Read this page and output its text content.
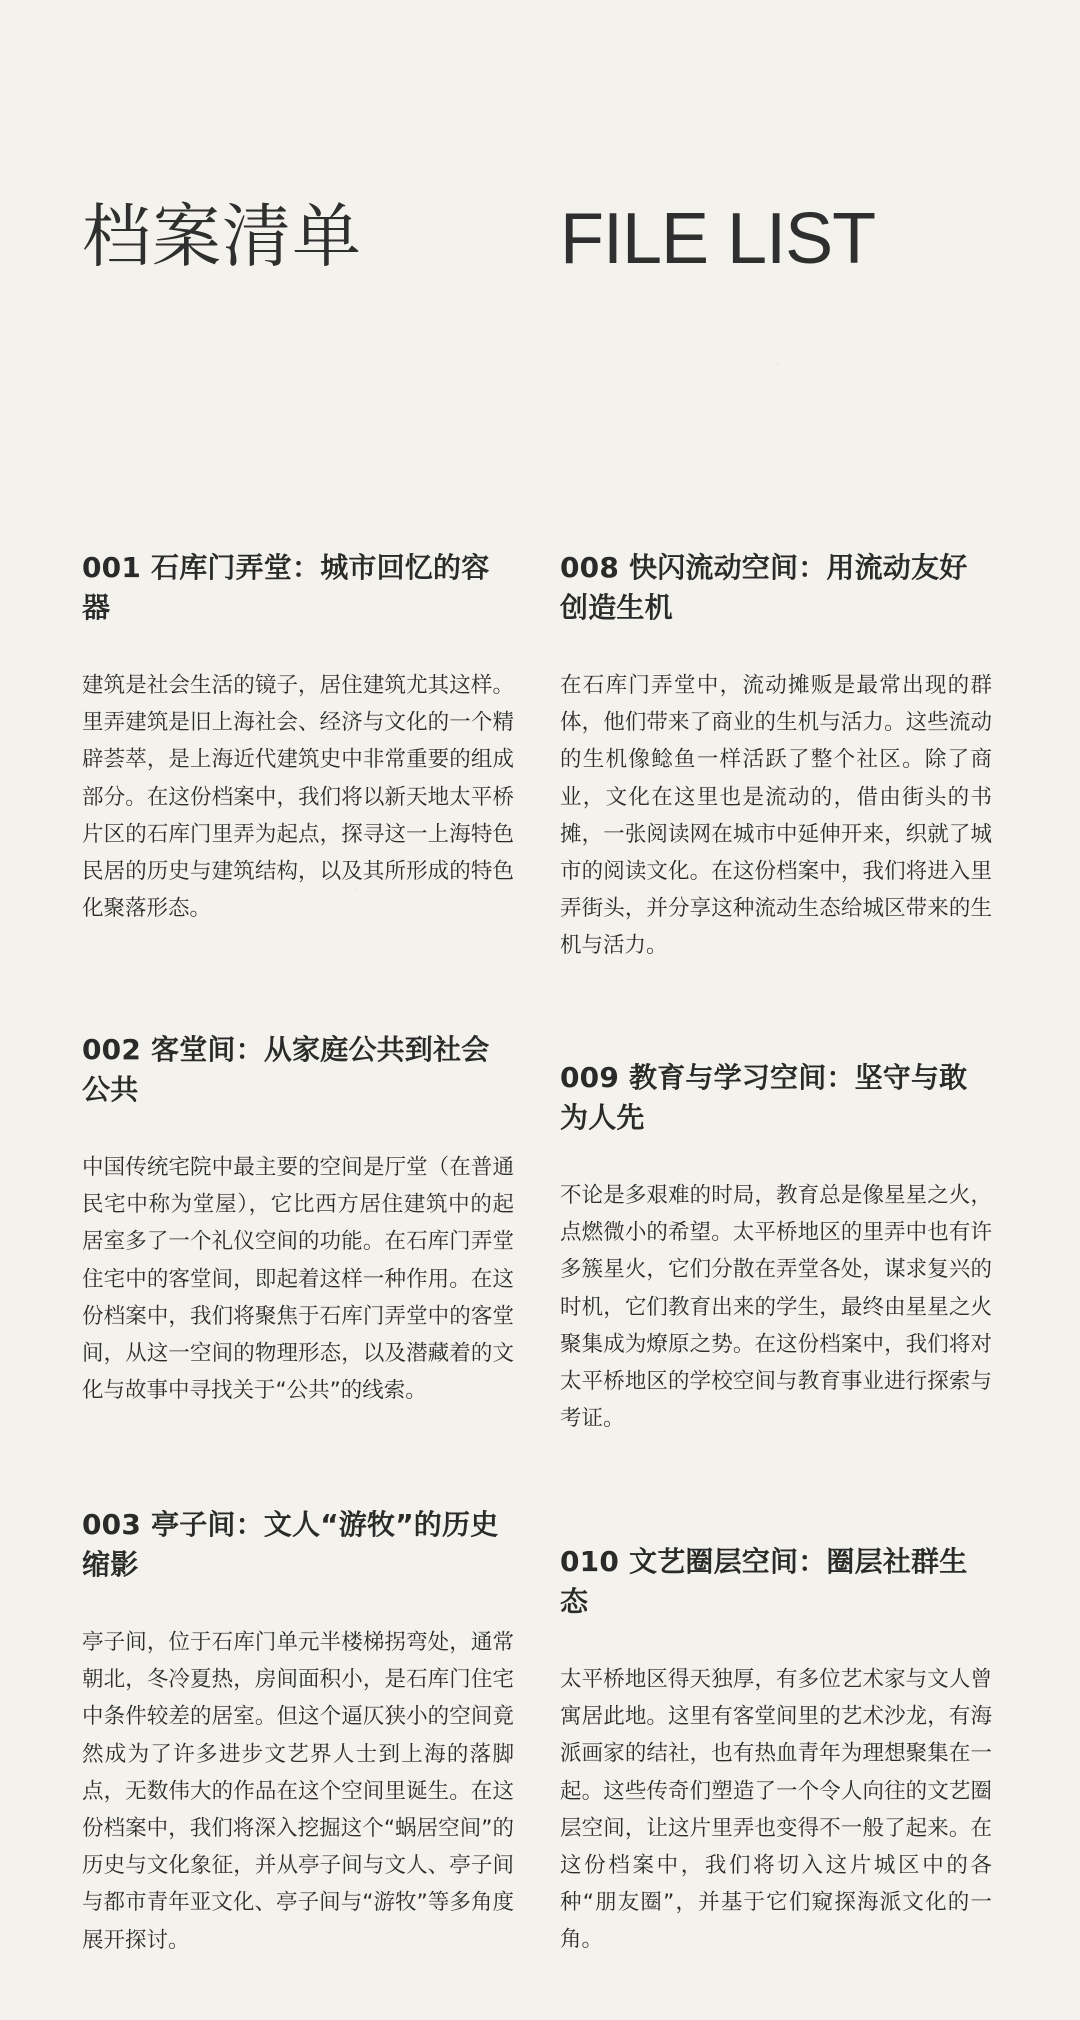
档案清单	FILE LIST
001 石库门弄堂：城市回忆的容器

建筑是社会生活的镜子，居住建筑尤其这样。里弄建筑是旧上海社会、经济与文化的一个精辟荟萃，是上海近代建筑史中非常重要的组成部分。在这份档案中，我们将以新天地太平桥片区的石库门里弄为起点，探寻这一上海特色民居的历史与建筑结构，以及其所形成的特色化聚落形态。

002 客堂间：从家庭公共到社会公共

中国传统宅院中最主要的空间是厅堂（在普通民宅中称为堂屋），它比西方居住建筑中的起居室多了一个礼仪空间的功能。在石库门弄堂住宅中的客堂间，即起着这样一种作用。在这份档案中，我们将聚焦于石库门弄堂中的客堂间，从这一空间的物理形态，以及潜藏着的文化与故事中寻找关于“公共”的线索。

003 亭子间：文人“游牧”的历史缩影

亭子间，位于石库门单元半楼梯拐弯处，通常朝北，冬冷夏热，房间面积小，是石库门住宅中条件较差的居室。但这个逼仄狭小的空间竟然成为了许多进步文艺界人士到上海的落脚点，无数伟大的作品在这个空间里诞生。在这份档案中，我们将深入挖掘这个“蜗居空间”的历史与文化象征，并从亭子间与文人、亭子间与都市青年亚文化、亭子间与“游牧”等多角度展开探讨。

008 快闪流动空间：用流动友好创造生机

在石库门弄堂中，流动摊贩是最常出现的群体，他们带来了商业的生机与活力。这些流动的生机像鲶鱼一样活跃了整个社区。除了商业，文化在这里也是流动的，借由街头的书摊，一张阅读网在城市中延伸开来，织就了城市的阅读文化。在这份档案中，我们将进入里弄街头，并分享这种流动生态给城区带来的生机与活力。

009 教育与学习空间：坚守与敢为人先

不论是多艰难的时局，教育总是像星星之火，点燃微小的希望。太平桥地区的里弄中也有许多簇星火，它们分散在弄堂各处，谋求复兴的时机，它们教育出来的学生，最终由星星之火聚集成为燎原之势。在这份档案中，我们将对太平桥地区的学校空间与教育事业进行探索与考证。

010 文艺圈层空间：圈层社群生态

太平桥地区得天独厚，有多位艺术家与文人曾寓居此地。这里有客堂间里的艺术沙龙，有海派画家的结社，也有热血青年为理想聚集在一起。这些传奇们塑造了一个令人向往的文艺圈层空间，让这片里弄也变得不一般了起来。在这份档案中，我们将切入这片城区中的各种“朋友圈”，并基于它们窥探海派文化的一角。
